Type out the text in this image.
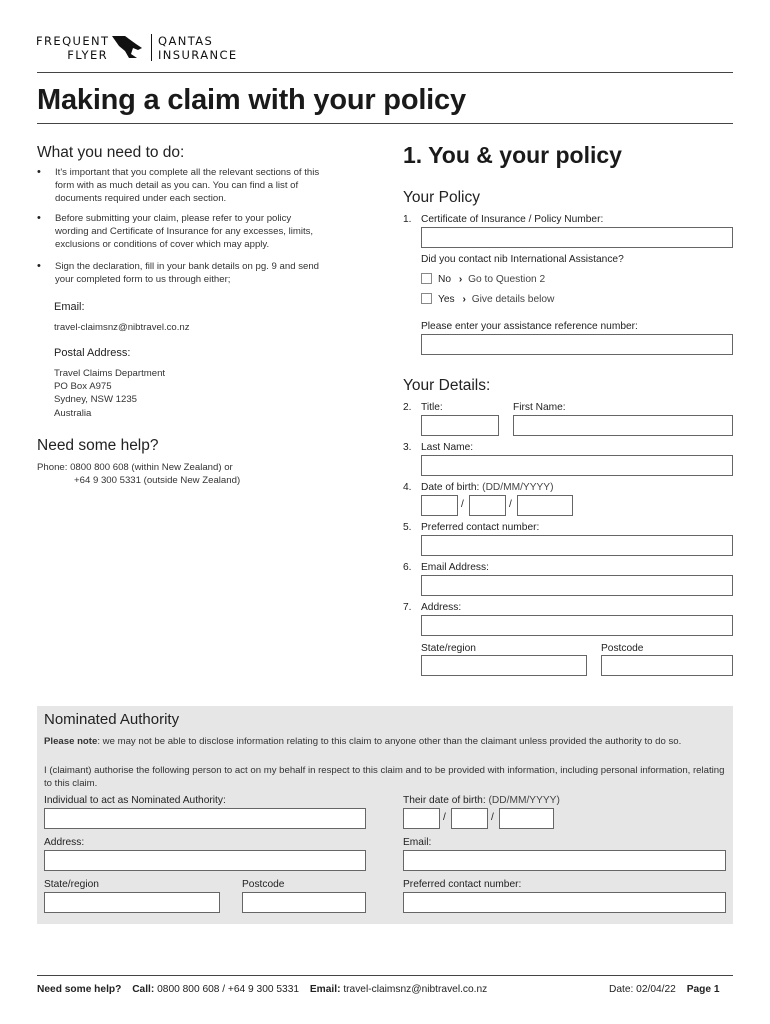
FREQUENT
FLYER
QANTAS
INSURANCE
Making a claim with your policy
What you need to do:
• It's important that you complete all the relevant sections of this form with as much detail as you can. You can find a list of documents required under each section.
• Before submitting your claim, please refer to your policy wording and Certificate of Insurance for any excesses, limits, exclusions or conditions of cover which may apply.
• Sign the declaration, fill in your bank details on pg. 9 and send your completed form to us through either;
Email:
travel-claimsnz@nibtravel.co.nz
Postal Address:
Travel Claims Department
PO Box A975
Sydney, NSW 1235
Australia
Need some help?
Phone: 0800 800 608 (within New Zealand) or
+64 9 300 5331 (outside New Zealand)
1. You & your policy
Your Policy
1. Certificate of Insurance / Policy Number:
Did you contact nib International Assistance?
No › Go to Question 2
Yes › Give details below
Please enter your assistance reference number:
Your Details:
2. Title:	First Name:
3. Last Name:
4. Date of birth: (DD/MM/YYYY)
/	/
5. Preferred contact number:
6. Email Address:
7. Address:
State/region	Postcode
Nominated Authority
Please note: we may not be able to disclose information relating to this claim to anyone other than the claimant unless provided the authority to do so.
I (claimant) authorise the following person to act on my behalf in respect to this claim and to be provided with information, including personal information, relating to this claim.
Individual to act as Nominated Authority:	Their date of birth: (DD/MM/YYYY)
/	/
Address:	Email:
State/region	Postcode	Preferred contact number:
Need some help? Call: 0800 800 608 / +64 9 300 5331 Email: travel-claimsnz@nibtravel.co.nz	Date: 02/04/22 Page 1
